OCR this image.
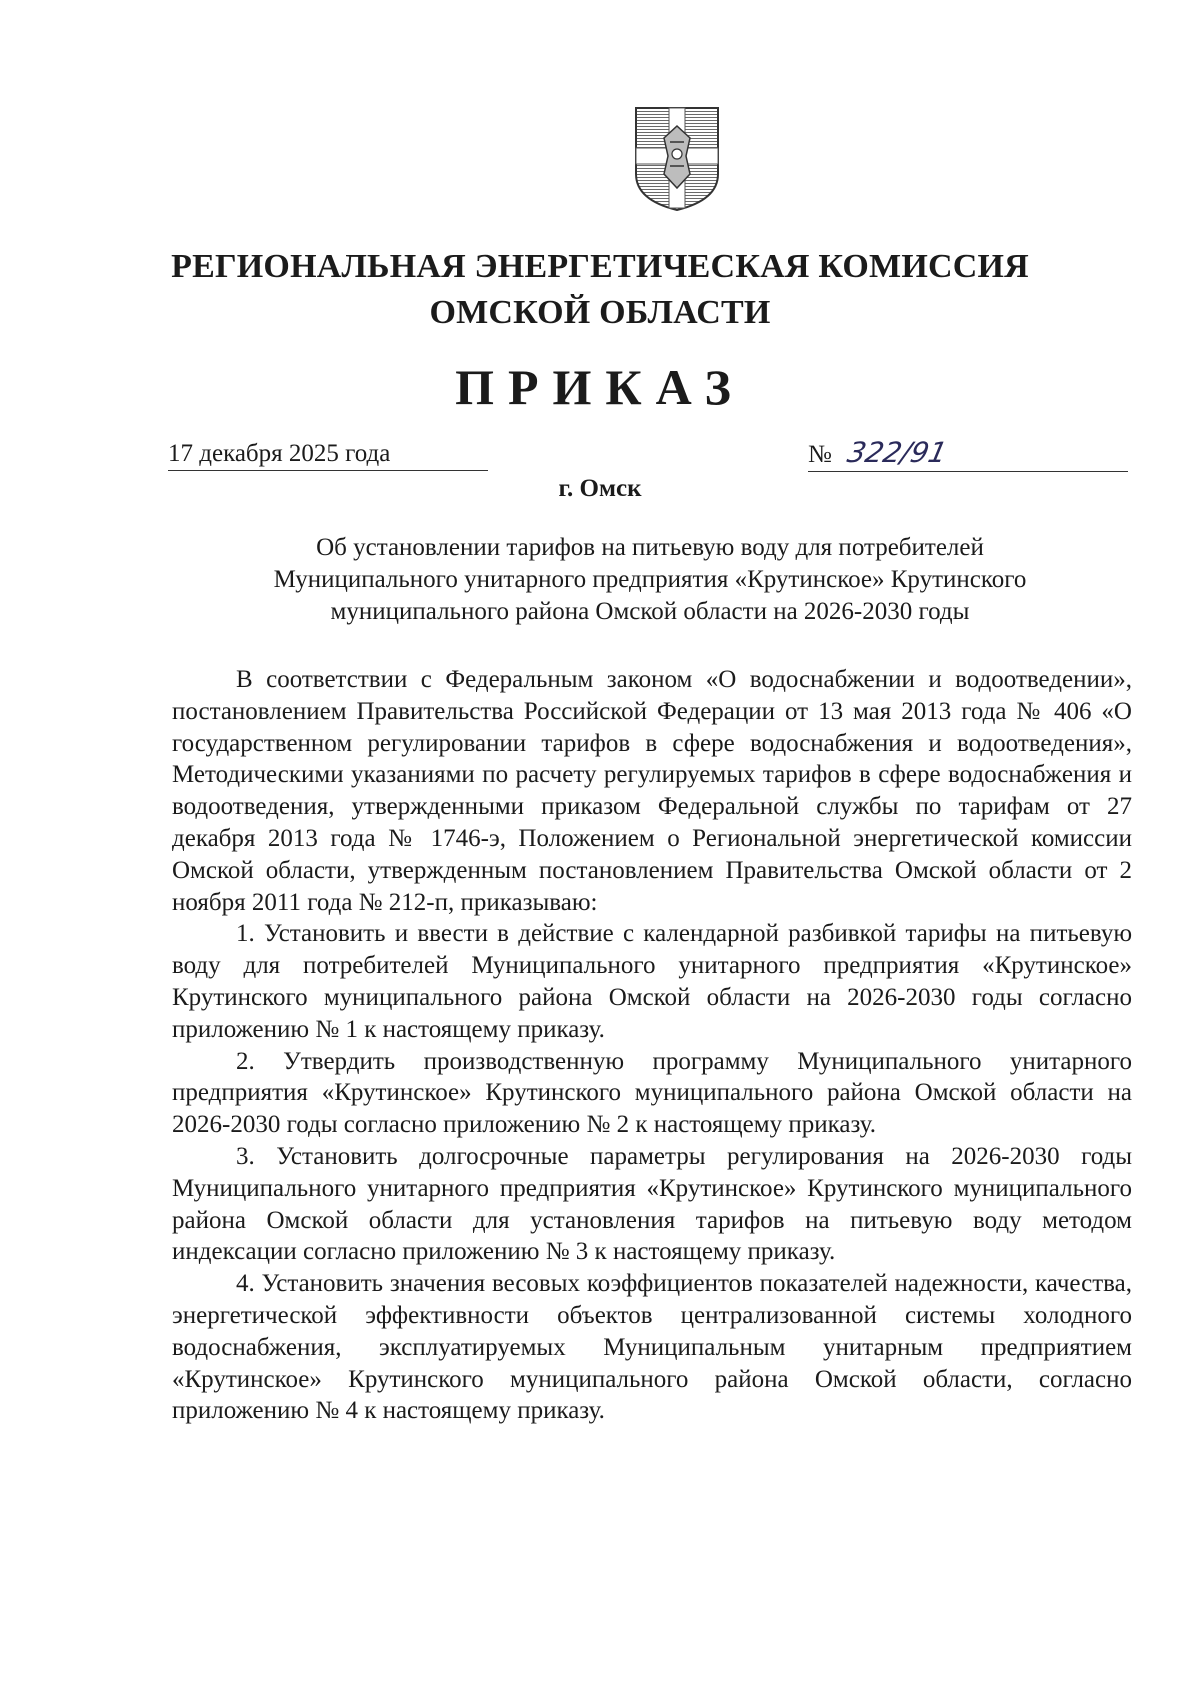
РЕГИОНАЛЬНАЯ ЭНЕРГЕТИЧЕСКАЯ КОМИССИЯ
ОМСКОЙ ОБЛАСТИ
ПРИКАЗ
17 декабря 2025 года	№ 322/91
г. Омск
Об установлении тарифов на питьевую воду для потребителей
Муниципального унитарного предприятия «Крутинское» Крутинского
муниципального района Омской области на 2026-2030 годы

В соответствии с Федеральным законом «О водоснабжении и водоотведении», постановлением Правительства Российской Федерации от 13 мая 2013 года № 406 «О государственном регулировании тарифов в сфере водоснабжения и водоотведения», Методическими указаниями по расчету регулируемых тарифов в сфере водоснабжения и водоотведения, утвержденными приказом Федеральной службы по тарифам от 27 декабря 2013 года № 1746-э, Положением о Региональной энергетической комиссии Омской области, утвержденным постановлением Правительства Омской области от 2 ноября 2011 года № 212-п, приказываю:

1. Установить и ввести в действие с календарной разбивкой тарифы на питьевую воду для потребителей Муниципального унитарного предприятия «Крутинское» Крутинского муниципального района Омской области на 2026-2030 годы согласно приложению № 1 к настоящему приказу.

2. Утвердить производственную программу Муниципального унитарного предприятия «Крутинское» Крутинского муниципального района Омской области на 2026-2030 годы согласно приложению № 2 к настоящему приказу.

3. Установить долгосрочные параметры регулирования на 2026-2030 годы Муниципального унитарного предприятия «Крутинское» Крутинского муниципального района Омской области для установления тарифов на питьевую воду методом индексации согласно приложению № 3 к настоящему приказу.

4. Установить значения весовых коэффициентов показателей надежности, качества, энергетической эффективности объектов централизованной системы холодного водоснабжения, эксплуатируемых Муниципальным унитарным предприятием «Крутинское» Крутинского муниципального района Омской области, согласно приложению № 4 к настоящему приказу.
